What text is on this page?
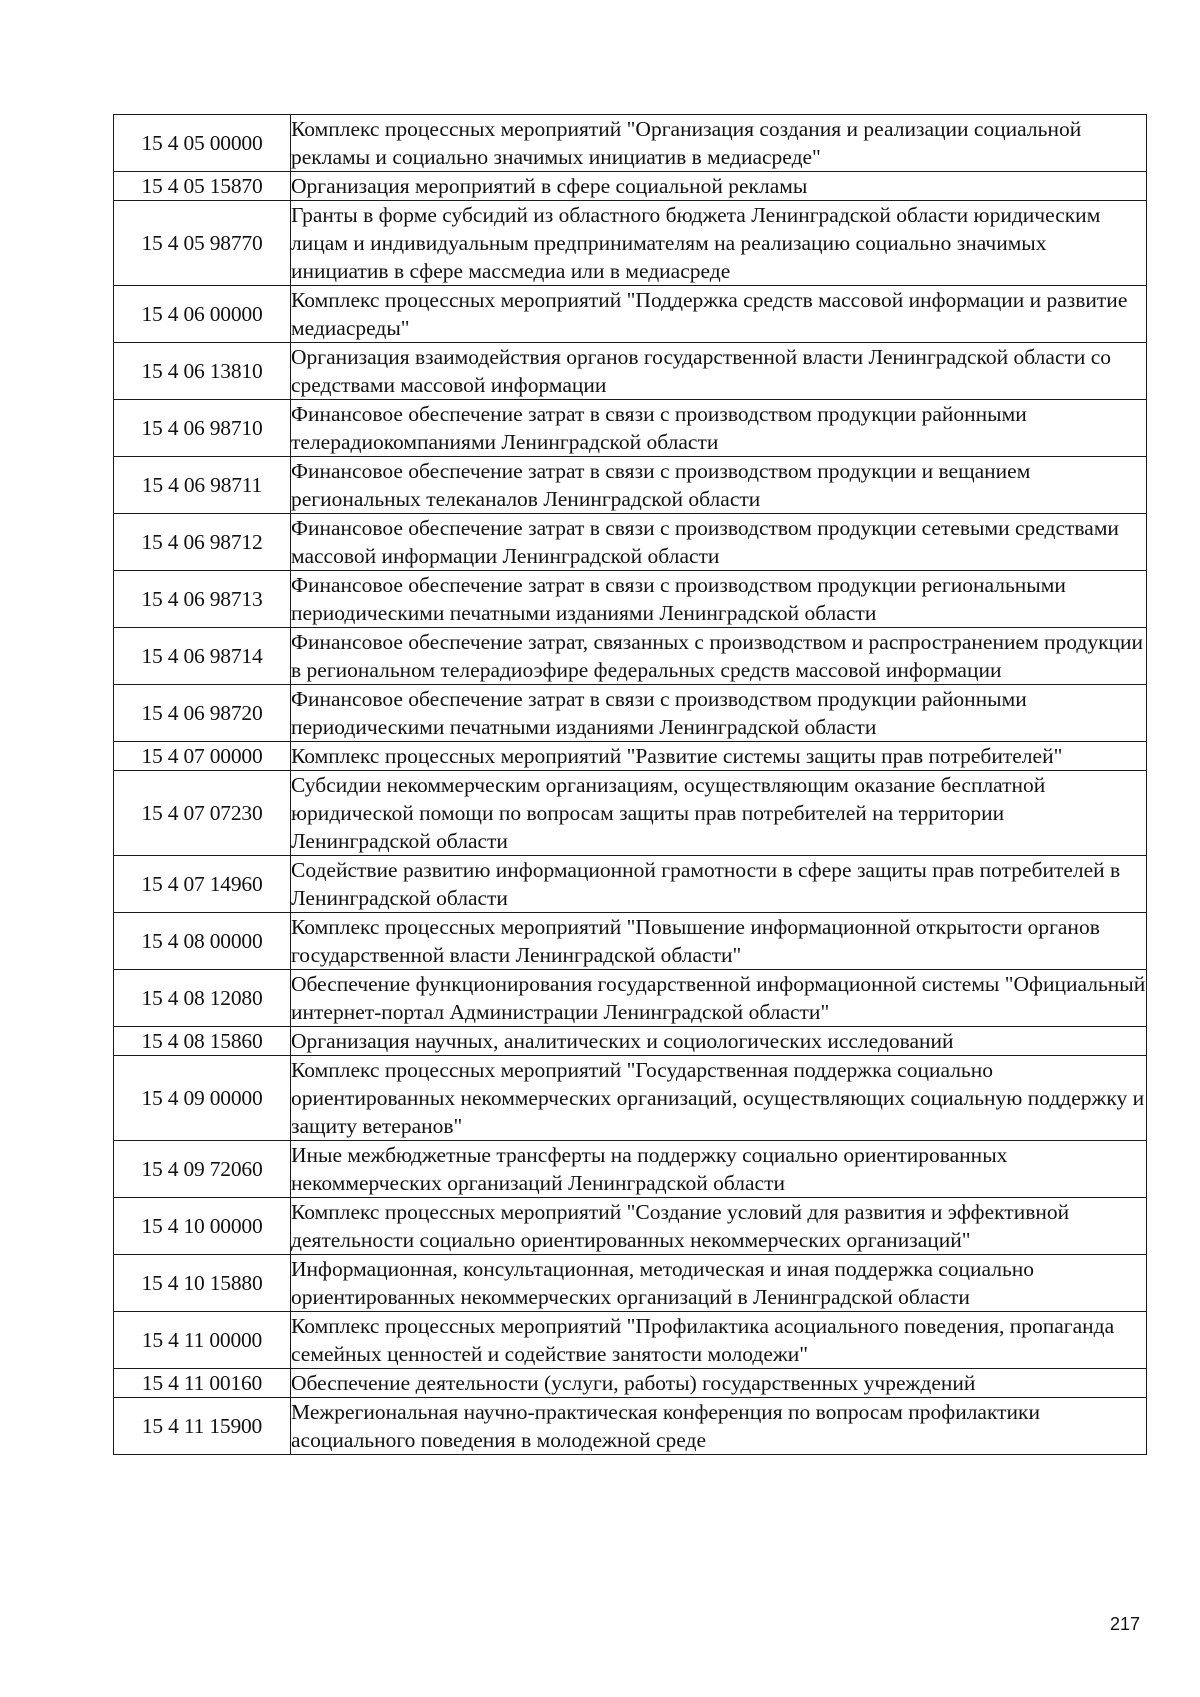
15 4 05 00000	Комплекс процессных мероприятий "Организация создания и реализации социальной рекламы и социально значимых инициатив в медиасреде"
15 4 05 15870	Организация мероприятий в сфере социальной рекламы
15 4 05 98770	Гранты в форме субсидий из областного бюджета Ленинградской области юридическим лицам и индивидуальным предпринимателям на реализацию социально значимых инициатив в сфере массмедиа или в медиасреде
15 4 06 00000	Комплекс процессных мероприятий "Поддержка средств массовой информации и развитие медиасреды"
15 4 06 13810	Организация взаимодействия органов государственной власти Ленинградской области со средствами массовой информации
15 4 06 98710	Финансовое обеспечение затрат в связи с производством продукции районными телерадиокомпаниями Ленинградской области
15 4 06 98711	Финансовое обеспечение затрат в связи с производством продукции и вещанием региональных телеканалов Ленинградской области
15 4 06 98712	Финансовое обеспечение затрат в связи с производством продукции сетевыми средствами массовой информации Ленинградской области
15 4 06 98713	Финансовое обеспечение затрат в связи с производством продукции региональными периодическими печатными изданиями Ленинградской области
15 4 06 98714	Финансовое обеспечение затрат, связанных с производством и распространением продукции в региональном телерадиоэфире федеральных средств массовой информации
15 4 06 98720	Финансовое обеспечение затрат в связи с производством продукции районными периодическими печатными изданиями Ленинградской области
15 4 07 00000	Комплекс процессных мероприятий "Развитие системы защиты прав потребителей"
15 4 07 07230	Субсидии некоммерческим организациям, осуществляющим оказание бесплатной юридической помощи по вопросам защиты прав потребителей на территории Ленинградской области
15 4 07 14960	Содействие развитию информационной грамотности в сфере защиты прав потребителей в Ленинградской области
15 4 08 00000	Комплекс процессных мероприятий "Повышение информационной открытости органов государственной власти Ленинградской области"
15 4 08 12080	Обеспечение функционирования государственной информационной системы "Официальный интернет-портал Администрации Ленинградской области"
15 4 08 15860	Организация научных, аналитических и социологических исследований
15 4 09 00000	Комплекс процессных мероприятий "Государственная поддержка социально ориентированных некоммерческих организаций, осуществляющих социальную поддержку и защиту ветеранов"
15 4 09 72060	Иные межбюджетные трансферты на поддержку социально ориентированных некоммерческих организаций Ленинградской области
15 4 10 00000	Комплекс процессных мероприятий "Создание условий для развития и эффективной деятельности социально ориентированных некоммерческих организаций"
15 4 10 15880	Информационная, консультационная, методическая и иная поддержка социально ориентированных некоммерческих организаций в Ленинградской области
15 4 11 00000	Комплекс процессных мероприятий "Профилактика асоциального поведения, пропаганда семейных ценностей и содействие занятости молодежи"
15 4 11 00160	Обеспечение деятельности (услуги, работы) государственных учреждений
15 4 11 15900	Межрегиональная научно-практическая конференция по вопросам профилактики асоциального поведения в молодежной среде
217
